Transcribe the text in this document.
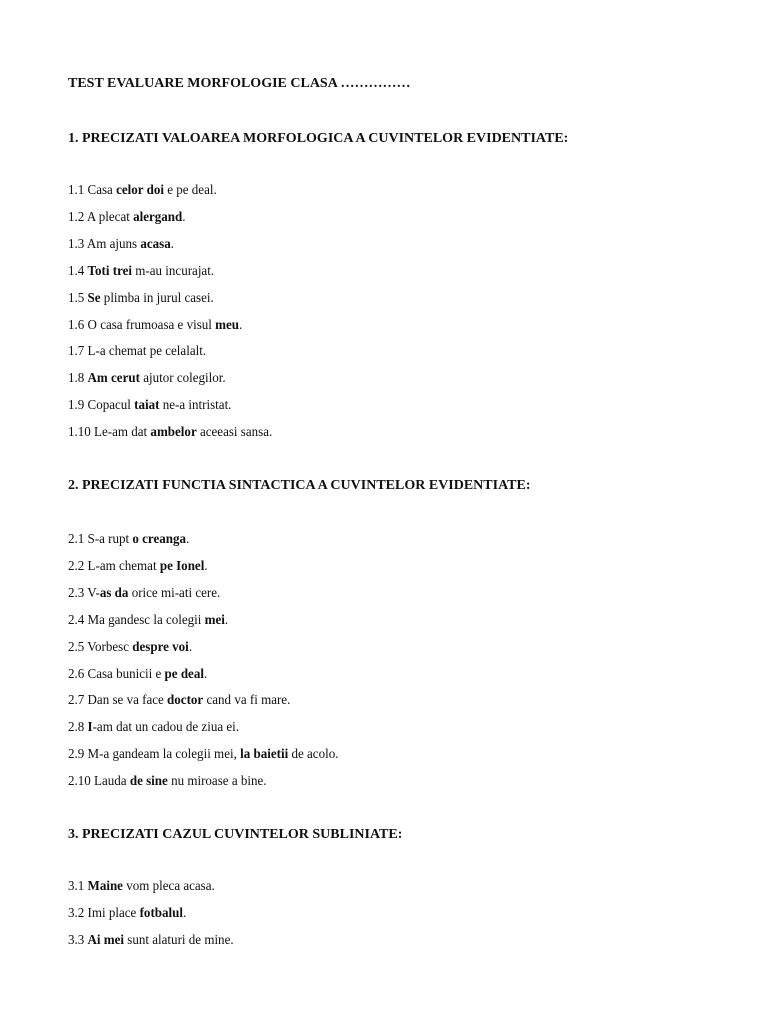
TEST EVALUARE MORFOLOGIE CLASA ……………
1. PRECIZATI VALOAREA MORFOLOGICA A CUVINTELOR EVIDENTIATE:
1.1 Casa celor doi e pe deal.
1.2 A plecat alergand.
1.3 Am ajuns acasa.
1.4 Toti trei m-au incurajat.
1.5 Se plimba in jurul casei.
1.6 O casa frumoasa e visul meu.
1.7 L-a chemat pe celalalt.
1.8 Am cerut ajutor colegilor.
1.9 Copacul taiat ne-a intristat.
1.10 Le-am dat ambelor aceeasi sansa.
2. PRECIZATI FUNCTIA SINTACTICA A CUVINTELOR EVIDENTIATE:
2.1 S-a rupt o creanga.
2.2 L-am chemat pe Ionel.
2.3 V-as da orice mi-ati cere.
2.4 Ma gandesc la colegii mei.
2.5 Vorbesc despre voi.
2.6 Casa bunicii e pe deal.
2.7 Dan se va face doctor cand va fi mare.
2.8 I-am dat un cadou de ziua ei.
2.9 M-a gandeam la colegii mei, la baietii de acolo.
2.10 Lauda de sine nu miroase a bine.
3. PRECIZATI CAZUL CUVINTELOR SUBLINIATE:
3.1 Maine vom pleca acasa.
3.2 Imi place fotbalul.
3.3 Ai mei sunt alaturi de mine.
